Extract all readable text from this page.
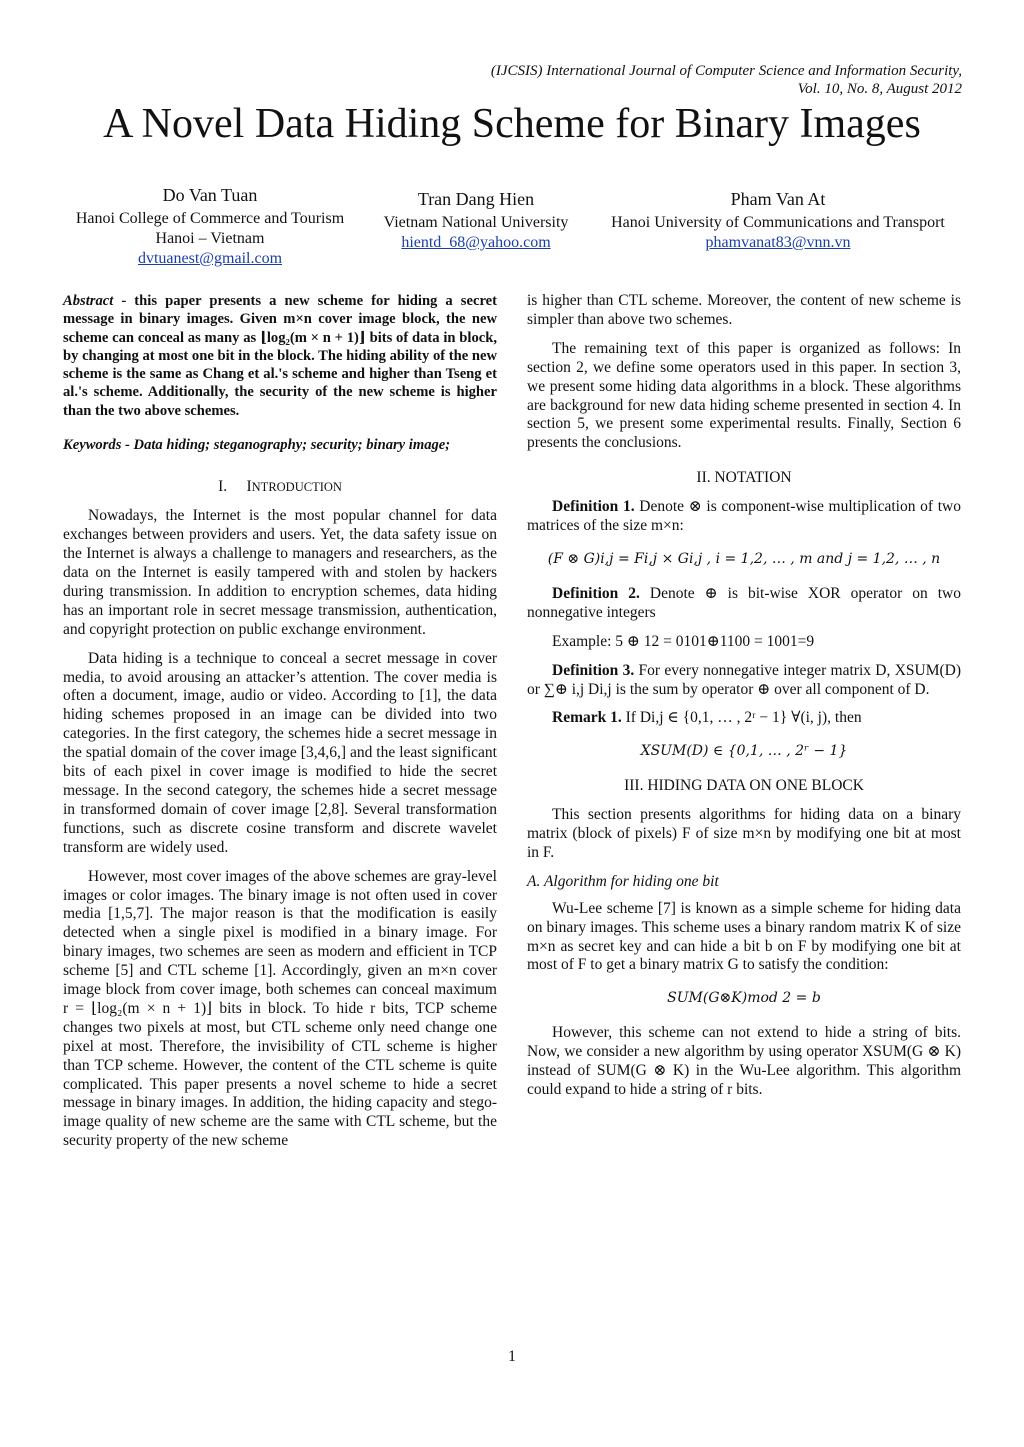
(IJCSIS) International Journal of Computer Science and Information Security,
Vol. 10, No. 8, August 2012
A Novel Data Hiding Scheme for Binary Images
Do Van Tuan
Hanoi College of Commerce and Tourism
Hanoi – Vietnam
dvtuanest@gmail.com
Tran Dang Hien
Vietnam National University
hientd_68@yahoo.com
Pham Van At
Hanoi University of Communications and Transport
phamvanat83@vnn.vn

Abstract - this paper presents a new scheme for hiding a secret message in binary images. Given m×n cover image block, the new scheme can conceal as many as ⌊log₂(m × n + 1)⌋ bits of data in block, by changing at most one bit in the block. The hiding ability of the new scheme is the same as Chang et al.'s scheme and higher than Tseng et al.'s scheme. Additionally, the security of the new scheme is higher than the two above schemes.

Keywords - Data hiding; steganography; security; binary image;

I. INTRODUCTION

Nowadays, the Internet is the most popular channel for data exchanges between providers and users. Yet, the data safety issue on the Internet is always a challenge to managers and researchers, as the data on the Internet is easily tampered with and stolen by hackers during transmission. In addition to encryption schemes, data hiding has an important role in secret message transmission, authentication, and copyright protection on public exchange environment.

Data hiding is a technique to conceal a secret message in cover media, to avoid arousing an attacker’s attention. The cover media is often a document, image, audio or video. According to [1], the data hiding schemes proposed in an image can be divided into two categories. In the first category, the schemes hide a secret message in the spatial domain of the cover image [3,4,6,] and the least significant bits of each pixel in cover image is modified to hide the secret message. In the second category, the schemes hide a secret message in transformed domain of cover image [2,8]. Several transformation functions, such as discrete cosine transform and discrete wavelet transform are widely used.

However, most cover images of the above schemes are gray-level images or color images. The binary image is not often used in cover media [1,5,7]. The major reason is that the modification is easily detected when a single pixel is modified in a binary image. For binary images, two schemes are seen as modern and efficient in TCP scheme [5] and CTL scheme [1]. Accordingly, given an m×n cover image block from cover image, both schemes can conceal maximum r = ⌊log₂(m × n + 1)⌋ bits in block. To hide r bits, TCP scheme changes two pixels at most, but CTL scheme only need change one pixel at most. Therefore, the invisibility of CTL scheme is higher than TCP scheme. However, the content of the CTL scheme is quite complicated. This paper presents a novel scheme to hide a secret message in binary images. In addition, the hiding capacity and stego-image quality of new scheme are the same with CTL scheme, but the security property of the new scheme

is higher than CTL scheme. Moreover, the content of new scheme is simpler than above two schemes.

The remaining text of this paper is organized as follows: In section 2, we define some operators used in this paper. In section 3, we present some hiding data algorithms in a block. These algorithms are background for new data hiding scheme presented in section 4. In section 5, we present some experimental results. Finally, Section 6 presents the conclusions.

II. NOTATION

Definition 1. Denote ⊗ is component-wise multiplication of two matrices of the size m×n:

(F ⊗ G)i,j = Fi,j × Gi,j , i = 1,2, … , m and j = 1,2, … , n

Definition 2. Denote ⊕ is bit-wise XOR operator on two nonnegative integers

Example: 5 ⊕ 12 = 0101⊕1100 = 1001=9

Definition 3. For every nonnegative integer matrix D, XSUM(D) or ∑⊕ i,j Di,j is the sum by operator ⊕ over all component of D.

Remark 1. If Di,j ∈ {0,1, … , 2ʳ − 1} ∀(i, j), then

XSUM(D) ∈ {0,1, … , 2ʳ − 1}
III. HIDING DATA ON ONE BLOCK

This section presents algorithms for hiding data on a binary matrix (block of pixels) F of size m×n by modifying one bit at most in F.

A. Algorithm for hiding one bit

Wu-Lee scheme [7] is known as a simple scheme for hiding data on binary images. This scheme uses a binary random matrix K of size m×n as secret key and can hide a bit b on F by modifying one bit at most of F to get a binary matrix G to satisfy the condition:

SUM(G⊗K)mod 2 = b

However, this scheme can not extend to hide a string of bits. Now, we consider a new algorithm by using operator XSUM(G ⊗ K) instead of SUM(G ⊗ K) in the Wu-Lee algorithm. This algorithm could expand to hide a string of r bits.

1
